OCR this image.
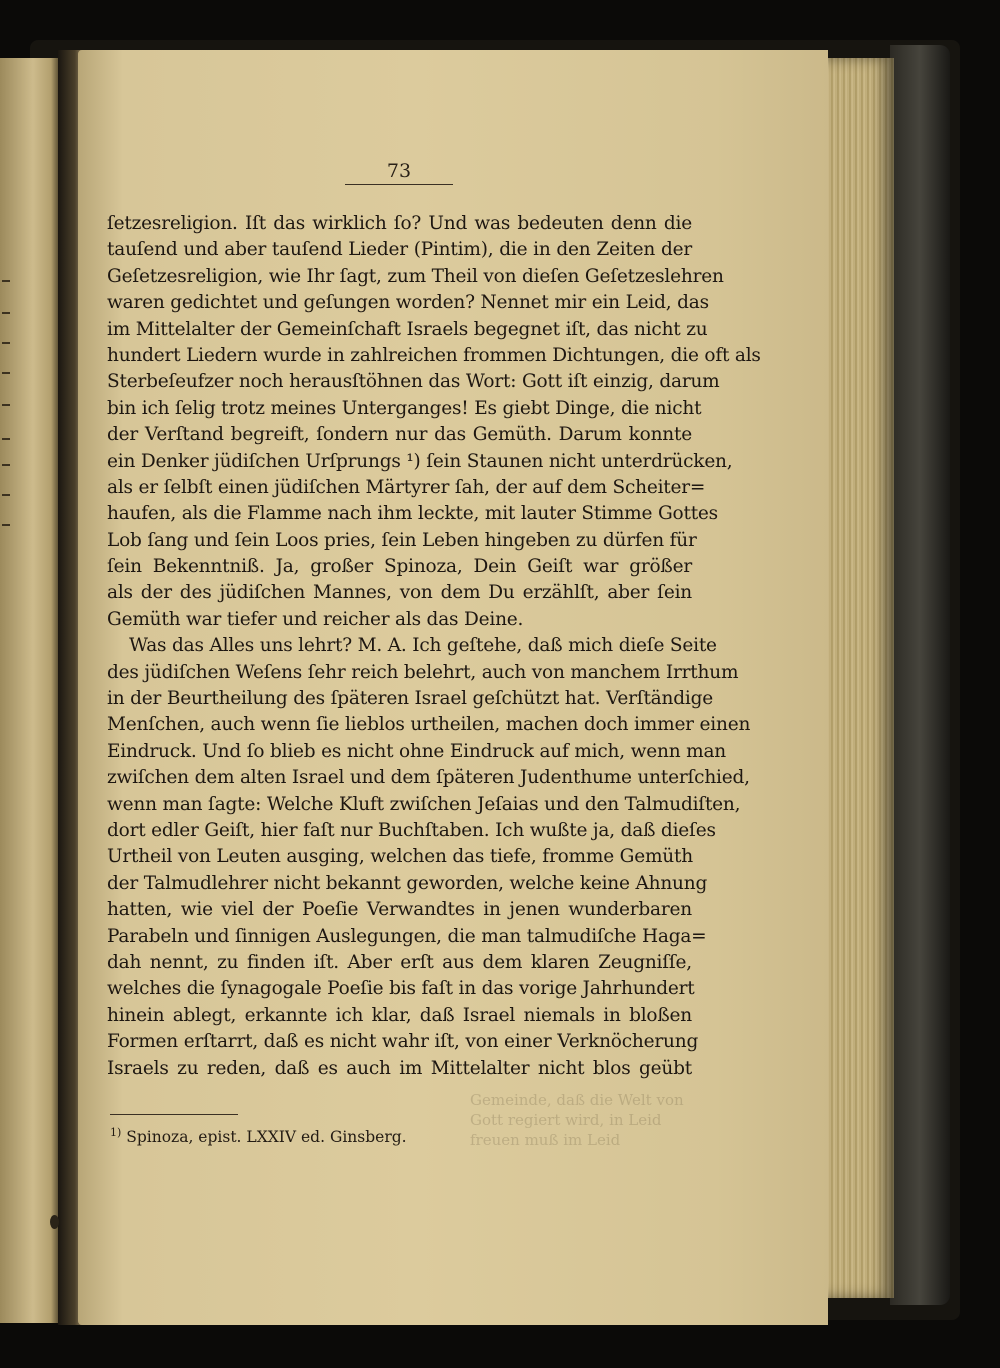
73
ſetzesreligion. Iſt das wirklich ſo? Und was bedeuten denn die
tauſend und aber tauſend Lieder (Pintim), die in den Zeiten der
Geſetzesreligion, wie Ihr ſagt, zum Theil von dieſen Geſetzeslehren
waren gedichtet und geſungen worden? Nennet mir ein Leid, das
im Mittelalter der Gemeinſchaft Israels begegnet iſt, das nicht zu
hundert Liedern wurde in zahlreichen frommen Dichtungen, die oft als
Sterbeſeufzer noch herausſtöhnen das Wort: Gott iſt einzig, darum
bin ich ſelig trotz meines Unterganges! Es giebt Dinge, die nicht
der Verſtand begreift, ſondern nur das Gemüth. Darum konnte
ein Denker jüdiſchen Urſprungs ¹) ſein Staunen nicht unterdrücken,
als er ſelbſt einen jüdiſchen Märtyrer ſah, der auf dem Scheiter=
haufen, als die Flamme nach ihm leckte, mit lauter Stimme Gottes
Lob ſang und ſein Loos pries, ſein Leben hingeben zu dürfen für
ſein Bekenntniß. Ja, großer Spinoza, Dein Geiſt war größer
als der des jüdiſchen Mannes, von dem Du erzählſt, aber ſein
Gemüth war tiefer und reicher als das Deine.
Was das Alles uns lehrt? M. A. Ich geſtehe, daß mich dieſe Seite
des jüdiſchen Weſens ſehr reich belehrt, auch von manchem Irrthum
in der Beurtheilung des ſpäteren Israel geſchützt hat. Verſtändige
Menſchen, auch wenn ſie lieblos urtheilen, machen doch immer einen
Eindruck. Und ſo blieb es nicht ohne Eindruck auf mich, wenn man
zwiſchen dem alten Israel und dem ſpäteren Judenthume unterſchied,
wenn man ſagte: Welche Kluft zwiſchen Jeſaias und den Talmudiſten,
dort edler Geiſt, hier faſt nur Buchſtaben. Ich wußte ja, daß dieſes
Urtheil von Leuten ausging, welchen das tiefe, fromme Gemüth
der Talmudlehrer nicht bekannt geworden, welche keine Ahnung
hatten, wie viel der Poeſie Verwandtes in jenen wunderbaren
Parabeln und ſinnigen Auslegungen, die man talmudiſche Haga=
dah nennt, zu finden iſt. Aber erſt aus dem klaren Zeugniſſe,
welches die ſynagogale Poeſie bis faſt in das vorige Jahrhundert
hinein ablegt, erkannte ich klar, daß Israel niemals in bloßen
Formen erſtarrt, daß es nicht wahr iſt, von einer Verknöcherung
Israels zu reden, daß es auch im Mittelalter nicht blos geübt
Gemeinde, daß die Welt von Gott regiert wird, in Leid freuen muß im Leid
$^{1)}$ Spinoza, epist. LXXIV ed. Ginsberg.
